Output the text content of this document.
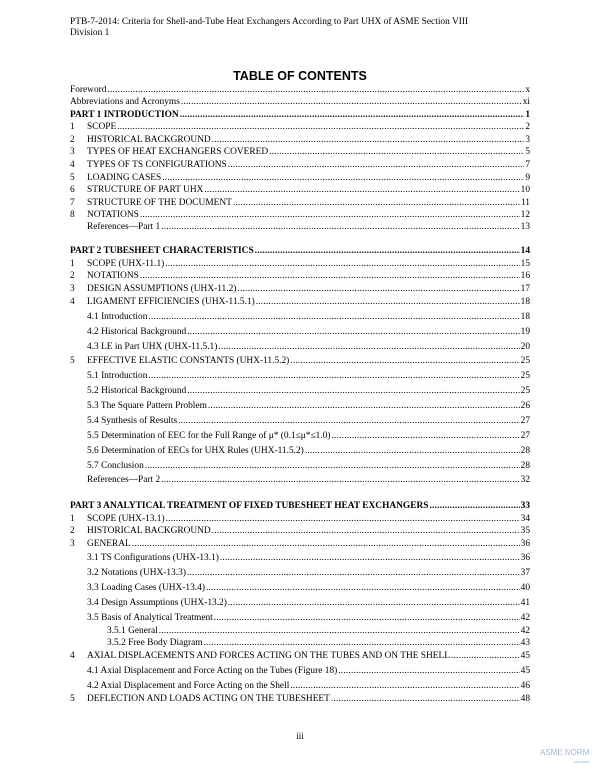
PTB-7-2014: Criteria for Shell-and-Tube Heat Exchangers According to Part UHX of ASME Section VIII
Division 1
TABLE OF CONTENTS
Foreword .....	x
Abbreviations and Acronyms .....	xi
PART 1 INTRODUCTION .....	1
1	SCOPE .....	2
2	HISTORICAL BACKGROUND .....	3
3	TYPES OF HEAT EXCHANGERS COVERED .....	5
4	TYPES OF TS CONFIGURATIONS .....	7
5	LOADING CASES .....	9
6	STRUCTURE OF PART UHX .....	10
7	STRUCTURE OF THE DOCUMENT .....	11
8	NOTATIONS .....	12
References—Part 1 .....	13
PART 2 TUBESHEET CHARACTERISTICS .....	14
1	SCOPE (UHX-11.1) .....	15
2	NOTATIONS .....	16
3	DESIGN ASSUMPTIONS (UHX-11.2) .....	17
4	LIGAMENT EFFICIENCIES (UHX-11.5.1) .....	18
4.1 Introduction .....	18
4.2 Historical Background .....	19
4.3 LE in Part UHX (UHX-11.5.1) .....	20
5	EFFECTIVE ELASTIC CONSTANTS (UHX-11.5.2) .....	25
5.1 Introduction .....	25
5.2 Historical Background .....	25
5.3 The Square Pattern Problem .....	26
5.4 Synthesis of Results .....	27
5.5 Determination of EEC for the Full Range of μ* (0.1≤μ*≤1.0) .....	27
5.6 Determination of EECs for UHX Rules (UHX-11.5.2) .....	28
5.7 Conclusion .....	28
References—Part 2 .....	32
PART 3 ANALYTICAL TREATMENT OF FIXED TUBESHEET HEAT EXCHANGERS .....	33
1	SCOPE (UHX-13.1) .....	34
2	HISTORICAL BACKGROUND .....	35
3	GENERAL .....	36
3.1 TS Configurations (UHX-13.1) .....	36
3.2 Notations (UHX-13.3) .....	37
3.3 Loading Cases (UHX-13.4) .....	40
3.4 Design Assumptions (UHX-13.2) .....	41
3.5 Basis of Analytical Treatment .....	42
3.5.1 General .....	42
3.5.2 Free Body Diagram .....	43
4	AXIAL DISPLACEMENTS AND FORCES ACTING ON THE TUBES AND ON THE SHELL .....	45
4.1 Axial Displacement and Force Acting on the Tubes (Figure 18) .....	45
4.2 Axial Displacement and Force Acting on the Shell .....	46
5	DEFLECTION AND LOADS ACTING ON THE TUBESHEET .....	48
iii
ASME NORM
standard
